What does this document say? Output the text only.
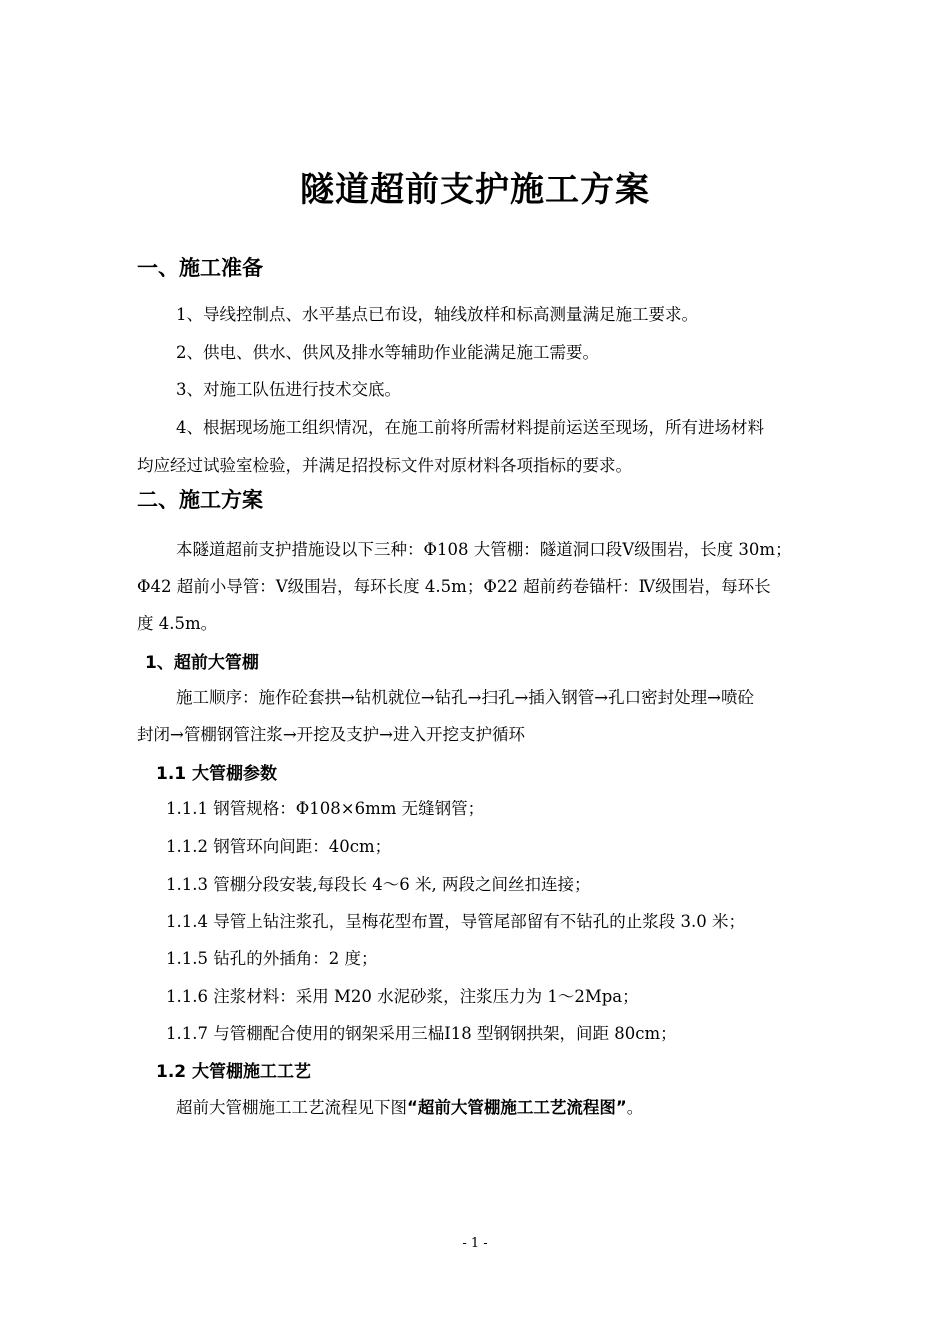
隧道超前支护施工方案
一、施工准备
1、导线控制点、水平基点已布设，轴线放样和标高测量满足施工要求。
2、供电、供水、供风及排水等辅助作业能满足施工需要。
3、对施工队伍进行技术交底。
4、根据现场施工组织情况，在施工前将所需材料提前运送至现场，所有进场材料
均应经过试验室检验，并满足招投标文件对原材料各项指标的要求。
二、施工方案
本隧道超前支护措施设以下三种：Φ108 大管棚：隧道洞口段Ⅴ级围岩，长度 30m；
Φ42 超前小导管：Ⅴ级围岩，每环长度 4.5m；Φ22 超前药卷锚杆：Ⅳ级围岩，每环长
度 4.5m。
1、超前大管棚
施工顺序：施作砼套拱→钻机就位→钻孔→扫孔→插入钢管→孔口密封处理→喷砼
封闭→管棚钢管注浆→开挖及支护→进入开挖支护循环
1.1 大管棚参数
1.1.1 钢管规格：Φ108×6mm 无缝钢管；
1.1.2 钢管环向间距：40cm；
1.1.3 管棚分段安装,每段长 4～6 米, 两段之间丝扣连接；
1.1.4 导管上钻注浆孔，呈梅花型布置，导管尾部留有不钻孔的止浆段 3.0 米；
1.1.5 钻孔的外插角：2 度；
1.1.6 注浆材料：采用 M20 水泥砂浆，注浆压力为 1～2Mpa；
1.1.7 与管棚配合使用的钢架采用三榀Ⅰ18 型钢钢拱架，间距 80cm；
1.2 大管棚施工工艺
超前大管棚施工工艺流程见下图“超前大管棚施工工艺流程图”。
- 1 -
